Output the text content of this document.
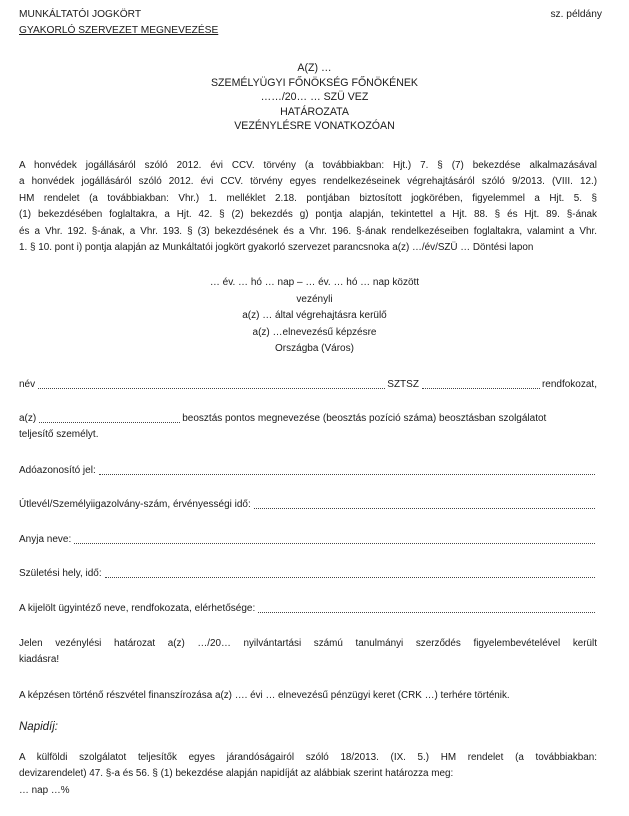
MUNKÁLTATÓI JOGKÖRT
GYAKORLÓ SZERVEZET MEGNEVEZÉSE
sz. példány
A(Z) …
SZEMÉLYÜGYI FŐNÖKSÉG FŐNÖKÉNEK
……/20… … SZÜ VEZ
HATÁROZATA
VEZÉNYLÉSRE VONATKOZÓAN
A honvédek jogállásáról szóló 2012. évi CCV. törvény (a továbbiakban: Hjt.) 7. § (7) bekezdése alkalmazásával
a honvédek jogállásáról szóló 2012. évi CCV. törvény egyes rendelkezéseinek végrehajtásáról szóló 9/2013. (VIII. 12.)
HM rendelet (a továbbiakban: Vhr.) 1. melléklet 2.18. pontjában biztosított jogkörében, figyelemmel a Hjt. 5. §
(1) bekezdésében foglaltakra, a Hjt. 42. § (2) bekezdés g) pontja alapján, tekintettel a Hjt. 88. § és Hjt. 89. §-ának
és a Vhr. 192. §-ának, a Vhr. 193. § (3) bekezdésének és a Vhr. 196. §-ának rendelkezéseiben foglaltakra, valamint a Vhr.
1. § 10. pont i) pontja alapján az Munkáltatói jogkört gyakorló szervezet parancsnoka a(z) …/év/SZÜ … Döntési lapon
… év. … hó … nap – … év. … hó … nap között
vezényli
a(z) … által végrehajtásra kerülő
a(z) …elnevezésű képzésre
Országba (Város)
név	SZTSZ	rendfokozat,
a(z)	beosztás pontos megnevezése (beosztás pozíció száma) beosztásban szolgálatot
teljesítő személyt.
Adóazonosító jel:
Útlevél/Személyiigazolvány-szám, érvényességi idő:
Anyja neve:
Születési hely, idő:
A kijelölt ügyintéző neve, rendfokozata, elérhetősége:
Jelen vezénylési határozat a(z) …/20… nyilvántartási számú tanulmányi szerződés figyelembevételével került
kiadásra!
A képzésen történő részvétel finanszírozása a(z) …. évi … elnevezésű pénzügyi keret (CRK …) terhére történik.
Napidíj:
A külföldi szolgálatot teljesítők egyes járandóságairól szóló 18/2013. (IX. 5.) HM rendelet (a továbbiakban:
devizarendelet) 47. §-a és 56. § (1) bekezdése alapján napidíját az alábbiak szerint határozza meg:
… nap …%
